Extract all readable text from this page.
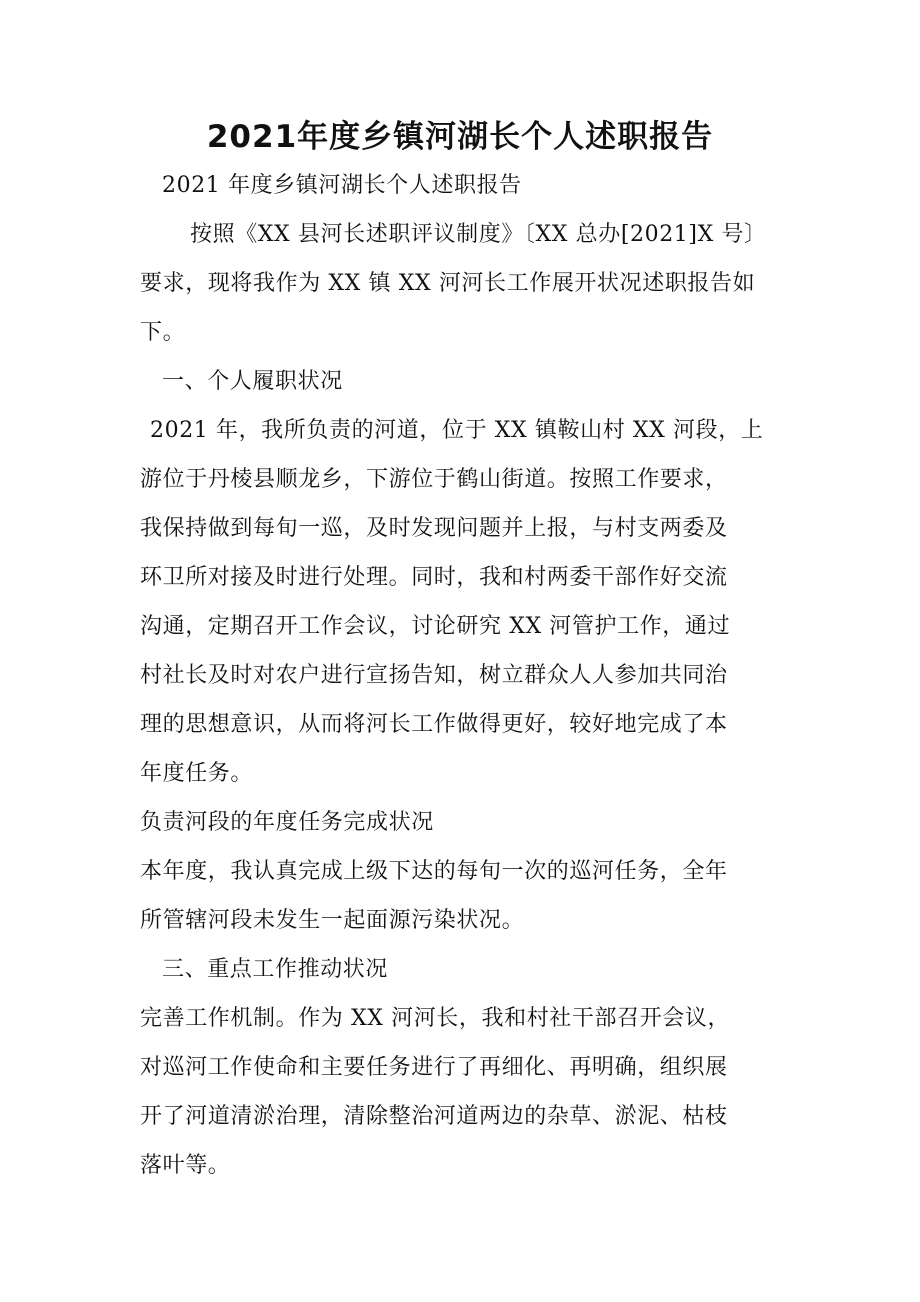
2021年度乡镇河湖长个人述职报告
2021 年度乡镇河湖长个人述职报告
按照《XX 县河长述职评议制度》〔XX 总办[2021]X 号〕
要求，现将我作为 XX 镇 XX 河河长工作展开状况述职报告如
下。
一、个人履职状况
2021 年，我所负责的河道，位于 XX 镇鞍山村 XX 河段，上
游位于丹棱县顺龙乡，下游位于鹤山街道。按照工作要求，
我保持做到每旬一巡，及时发现问题并上报，与村支两委及
环卫所对接及时进行处理。同时，我和村两委干部作好交流
沟通，定期召开工作会议，讨论研究 XX 河管护工作，通过
村社长及时对农户进行宣扬告知，树立群众人人参加共同治
理的思想意识，从而将河长工作做得更好，较好地完成了本
年度任务。
负责河段的年度任务完成状况
本年度，我认真完成上级下达的每旬一次的巡河任务，全年
所管辖河段未发生一起面源污染状况。
三、重点工作推动状况
完善工作机制。作为 XX 河河长，我和村社干部召开会议，
对巡河工作使命和主要任务进行了再细化、再明确，组织展
开了河道清淤治理，清除整治河道两边的杂草、淤泥、枯枝
落叶等。
